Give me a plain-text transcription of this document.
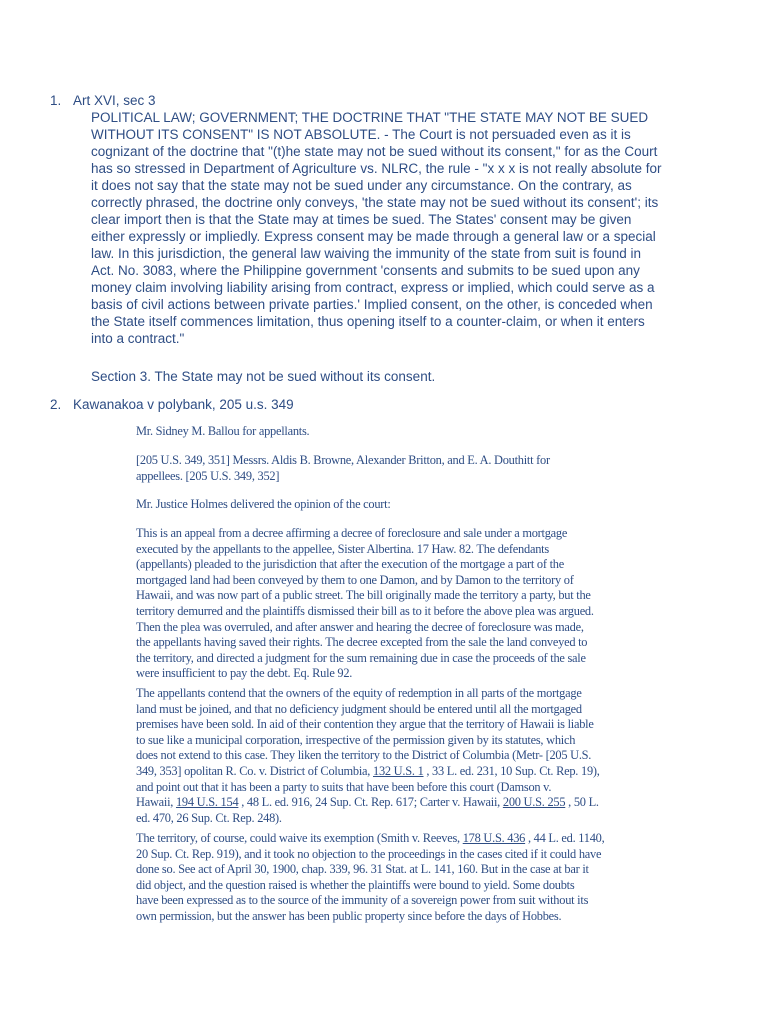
1. Art XVI, sec 3

POLITICAL LAW; GOVERNMENT; THE DOCTRINE THAT "THE STATE MAY NOT BE SUED
WITHOUT ITS CONSENT" IS NOT ABSOLUTE. - The Court is not persuaded even as it is
cognizant of the doctrine that "(t)he state may not be sued without its consent," for as the Court
has so stressed in Department of Agriculture vs. NLRC, the rule - "x x x is not really absolute for
it does not say that the state may not be sued under any circumstance. On the contrary, as
correctly phrased, the doctrine only conveys, 'the state may not be sued without its consent'; its
clear import then is that the State may at times be sued. The States' consent may be given
either expressly or impliedly. Express consent may be made through a general law or a special
law. In this jurisdiction, the general law waiving the immunity of the state from suit is found in
Act. No. 3083, where the Philippine government 'consents and submits to be sued upon any
money claim involving liability arising from contract, express or implied, which could serve as a
basis of civil actions between private parties.' Implied consent, on the other, is conceded when
the State itself commences limitation, thus opening itself to a counter-claim, or when it enters
into a contract."

Section 3. The State may not be sued without its consent.
2. Kawanakoa v polybank, 205 u.s. 349

Mr. Sidney M. Ballou for appellants.

[205 U.S. 349, 351] Messrs. Aldis B. Browne, Alexander Britton, and E. A. Douthitt for
appellees. [205 U.S. 349, 352]

Mr. Justice Holmes delivered the opinion of the court:

This is an appeal from a decree affirming a decree of foreclosure and sale under a mortgage
executed by the appellants to the appellee, Sister Albertina. 17 Haw. 82. The defendants
(appellants) pleaded to the jurisdiction that after the execution of the mortgage a part of the
mortgaged land had been conveyed by them to one Damon, and by Damon to the territory of
Hawaii, and was now part of a public street. The bill originally made the territory a party, but the
territory demurred and the plaintiffs dismissed their bill as to it before the above plea was argued.
Then the plea was overruled, and after answer and hearing the decree of foreclosure was made,
the appellants having saved their rights. The decree excepted from the sale the land conveyed to
the territory, and directed a judgment for the sum remaining due in case the proceeds of the sale
were insufficient to pay the debt. Eq. Rule 92.

The appellants contend that the owners of the equity of redemption in all parts of the mortgage
land must be joined, and that no deficiency judgment should be entered until all the mortgaged
premises have been sold. In aid of their contention they argue that the territory of Hawaii is liable
to sue like a municipal corporation, irrespective of the permission given by its statutes, which
does not extend to this case. They liken the territory to the District of Columbia (Metr- [205 U.S.
349, 353] opolitan R. Co. v. District of Columbia, 132 U.S. 1 , 33 L. ed. 231, 10 Sup. Ct. Rep. 19),
and point out that it has been a party to suits that have been before this court (Damson v.
Hawaii, 194 U.S. 154 , 48 L. ed. 916, 24 Sup. Ct. Rep. 617; Carter v. Hawaii, 200 U.S. 255 , 50 L.
ed. 470, 26 Sup. Ct. Rep. 248).

The territory, of course, could waive its exemption (Smith v. Reeves, 178 U.S. 436 , 44 L. ed. 1140,
20 Sup. Ct. Rep. 919), and it took no objection to the proceedings in the cases cited if it could have
done so. See act of April 30, 1900, chap. 339, 96. 31 Stat. at L. 141, 160. But in the case at bar it
did object, and the question raised is whether the plaintiffs were bound to yield. Some doubts
have been expressed as to the source of the immunity of a sovereign power from suit without its
own permission, but the answer has been public property since before the days of Hobbes.
